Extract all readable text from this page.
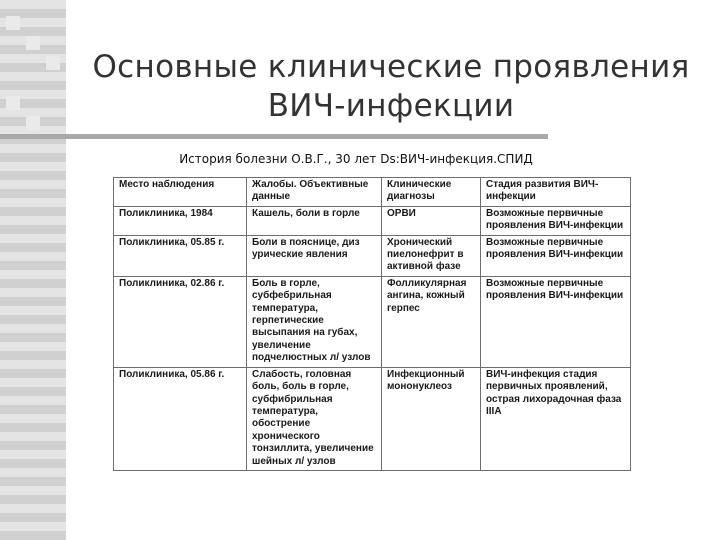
Основные клинические проявления
ВИЧ-инфекции
История болезни О.В.Г., 30 лет Ds:ВИЧ-инфекция.СПИД
Место наблюдения	Жалобы. Объективные данные	Клинические диагнозы	Стадия развития ВИЧ-инфекции
Поликлиника, 1984	Кашель, боли в горле	ОРВИ	Возможные первичные проявления ВИЧ-инфекции
Поликлиника, 05.85 г.	Боли в пояснице, диз урические явления	Хронический пиелонефрит в активной фазе	Возможные первичные проявления ВИЧ-инфекции
Поликлиника, 02.86 г.	Боль в горле, субфебрильная температура, герпетические высыпания на губах, увеличение подчелюстных л/ узлов	Фолликулярная ангина, кожный герпес	Возможные первичные проявления ВИЧ-инфекции
Поликлиника, 05.86 г.	Слабость, головная боль, боль в горле, субфибрильная температура, обострение хронического тонзиллита, увеличение шейных л/ узлов	Инфекционный мононуклеоз	ВИЧ-инфекция стадия первичных проявлений, острая лихорадочная фаза IIIА
